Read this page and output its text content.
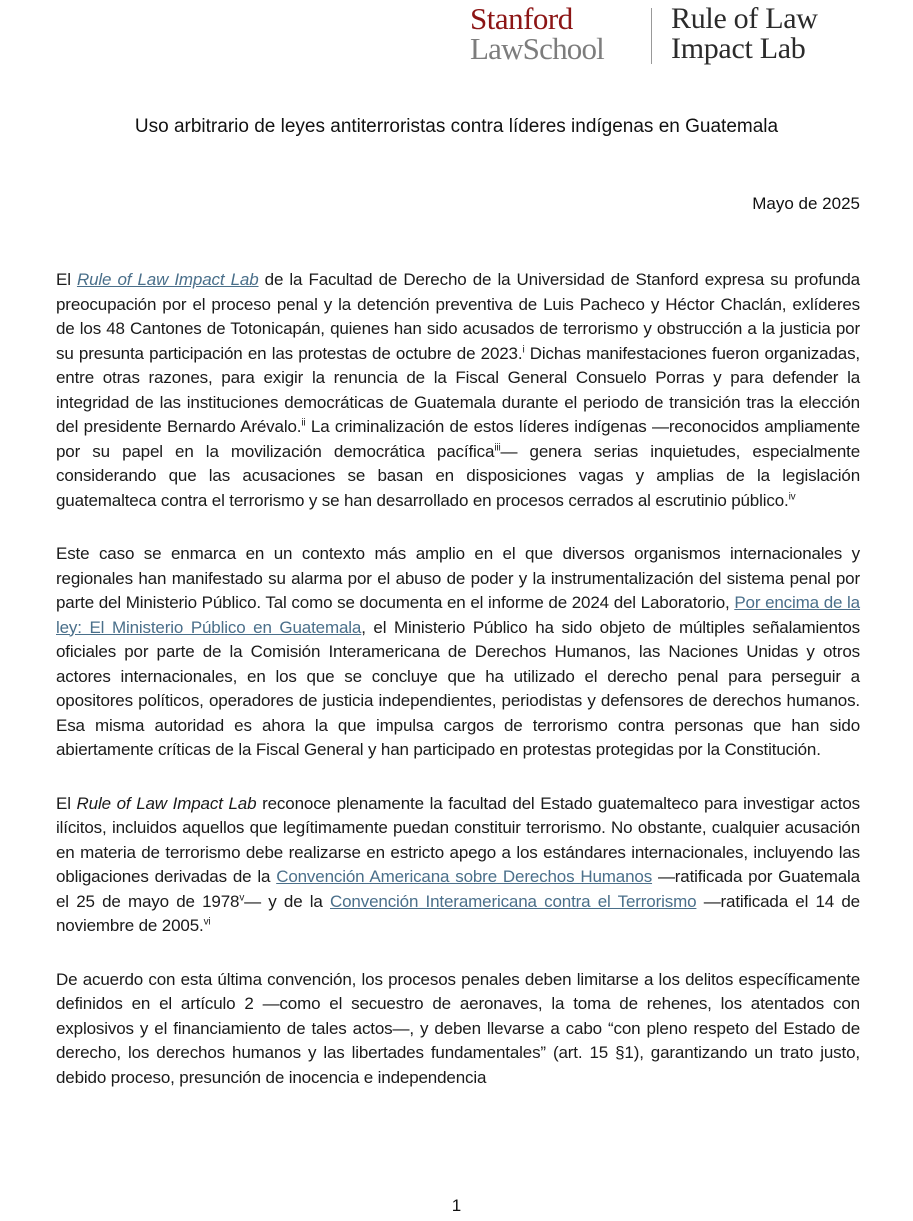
Stanford
LawSchool
Rule of Law
Impact Lab
Uso arbitrario de leyes antiterroristas contra líderes indígenas en Guatemala
Mayo de 2025

El Rule of Law Impact Lab de la Facultad de Derecho de la Universidad de Stanford expresa su profunda preocupación por el proceso penal y la detención preventiva de Luis Pacheco y Héctor Chaclán, exlíderes de los 48 Cantones de Totonicapán, quienes han sido acusados de terrorismo y obstrucción a la justicia por su presunta participación en las protestas de octubre de 2023.$^i$ Dichas manifestaciones fueron organizadas, entre otras razones, para exigir la renuncia de la Fiscal General Consuelo Porras y para defender la integridad de las instituciones democráticas de Guatemala durante el periodo de transición tras la elección del presidente Bernardo Arévalo.$^{ii}$ La criminalización de estos líderes indígenas —reconocidos ampliamente por su papel en la movilización democrática pacífica$^{iii}$— genera serias inquietudes, especialmente considerando que las acusaciones se basan en disposiciones vagas y amplias de la legislación guatemalteca contra el terrorismo y se han desarrollado en procesos cerrados al escrutinio público.$^{iv}$

Este caso se enmarca en un contexto más amplio en el que diversos organismos internacionales y regionales han manifestado su alarma por el abuso de poder y la instrumentalización del sistema penal por parte del Ministerio Público. Tal como se documenta en el informe de 2024 del Laboratorio, Por encima de la ley: El Ministerio Público en Guatemala, el Ministerio Público ha sido objeto de múltiples señalamientos oficiales por parte de la Comisión Interamericana de Derechos Humanos, las Naciones Unidas y otros actores internacionales, en los que se concluye que ha utilizado el derecho penal para perseguir a opositores políticos, operadores de justicia independientes, periodistas y defensores de derechos humanos. Esa misma autoridad es ahora la que impulsa cargos de terrorismo contra personas que han sido abiertamente críticas de la Fiscal General y han participado en protestas protegidas por la Constitución.

El Rule of Law Impact Lab reconoce plenamente la facultad del Estado guatemalteco para investigar actos ilícitos, incluidos aquellos que legítimamente puedan constituir terrorismo. No obstante, cualquier acusación en materia de terrorismo debe realizarse en estricto apego a los estándares internacionales, incluyendo las obligaciones derivadas de la Convención Americana sobre Derechos Humanos —ratificada por Guatemala el 25 de mayo de 1978$^v$— y de la Convención Interamericana contra el Terrorismo —ratificada el 14 de noviembre de 2005.$^{vi}$

De acuerdo con esta última convención, los procesos penales deben limitarse a los delitos específicamente definidos en el artículo 2 —como el secuestro de aeronaves, la toma de rehenes, los atentados con explosivos y el financiamiento de tales actos—, y deben llevarse a cabo “con pleno respeto del Estado de derecho, los derechos humanos y las libertades fundamentales” (art. 15 §1), garantizando un trato justo, debido proceso, presunción de inocencia e independencia

1
